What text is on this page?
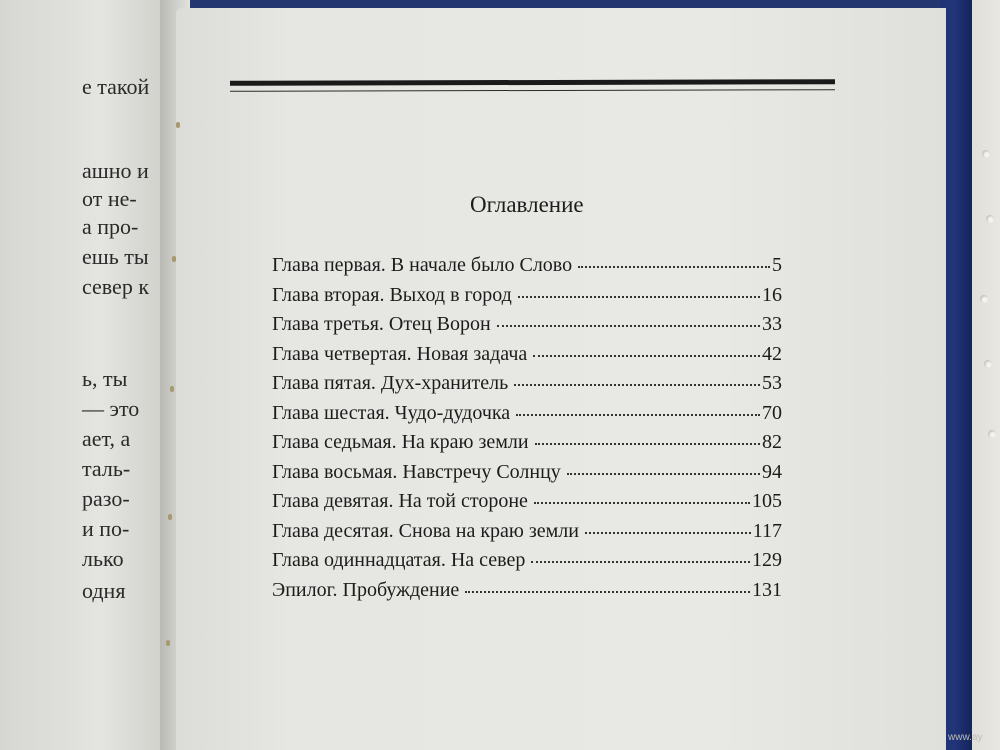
е такой
ашно и
от не-
а про-
ешь ты
север к
ь, ты
— это
ает, а
таль-
разо-
и по-
лько
одня
Оглавление
Глава первая. В начале было Слово	5
Глава вторая. Выход в город	16
Глава третья. Отец Ворон	33
Глава четвертая. Новая задача	42
Глава пятая. Дух-хранитель	53
Глава шестая. Чудо-дудочка	70
Глава седьмая. На краю земли	82
Глава восьмая. Навстречу Солнцу	94
Глава девятая. На той стороне	105
Глава десятая. Снова на краю земли	117
Глава одиннадцатая. На север	129
Эпилог. Пробуждение	131
www.ay
